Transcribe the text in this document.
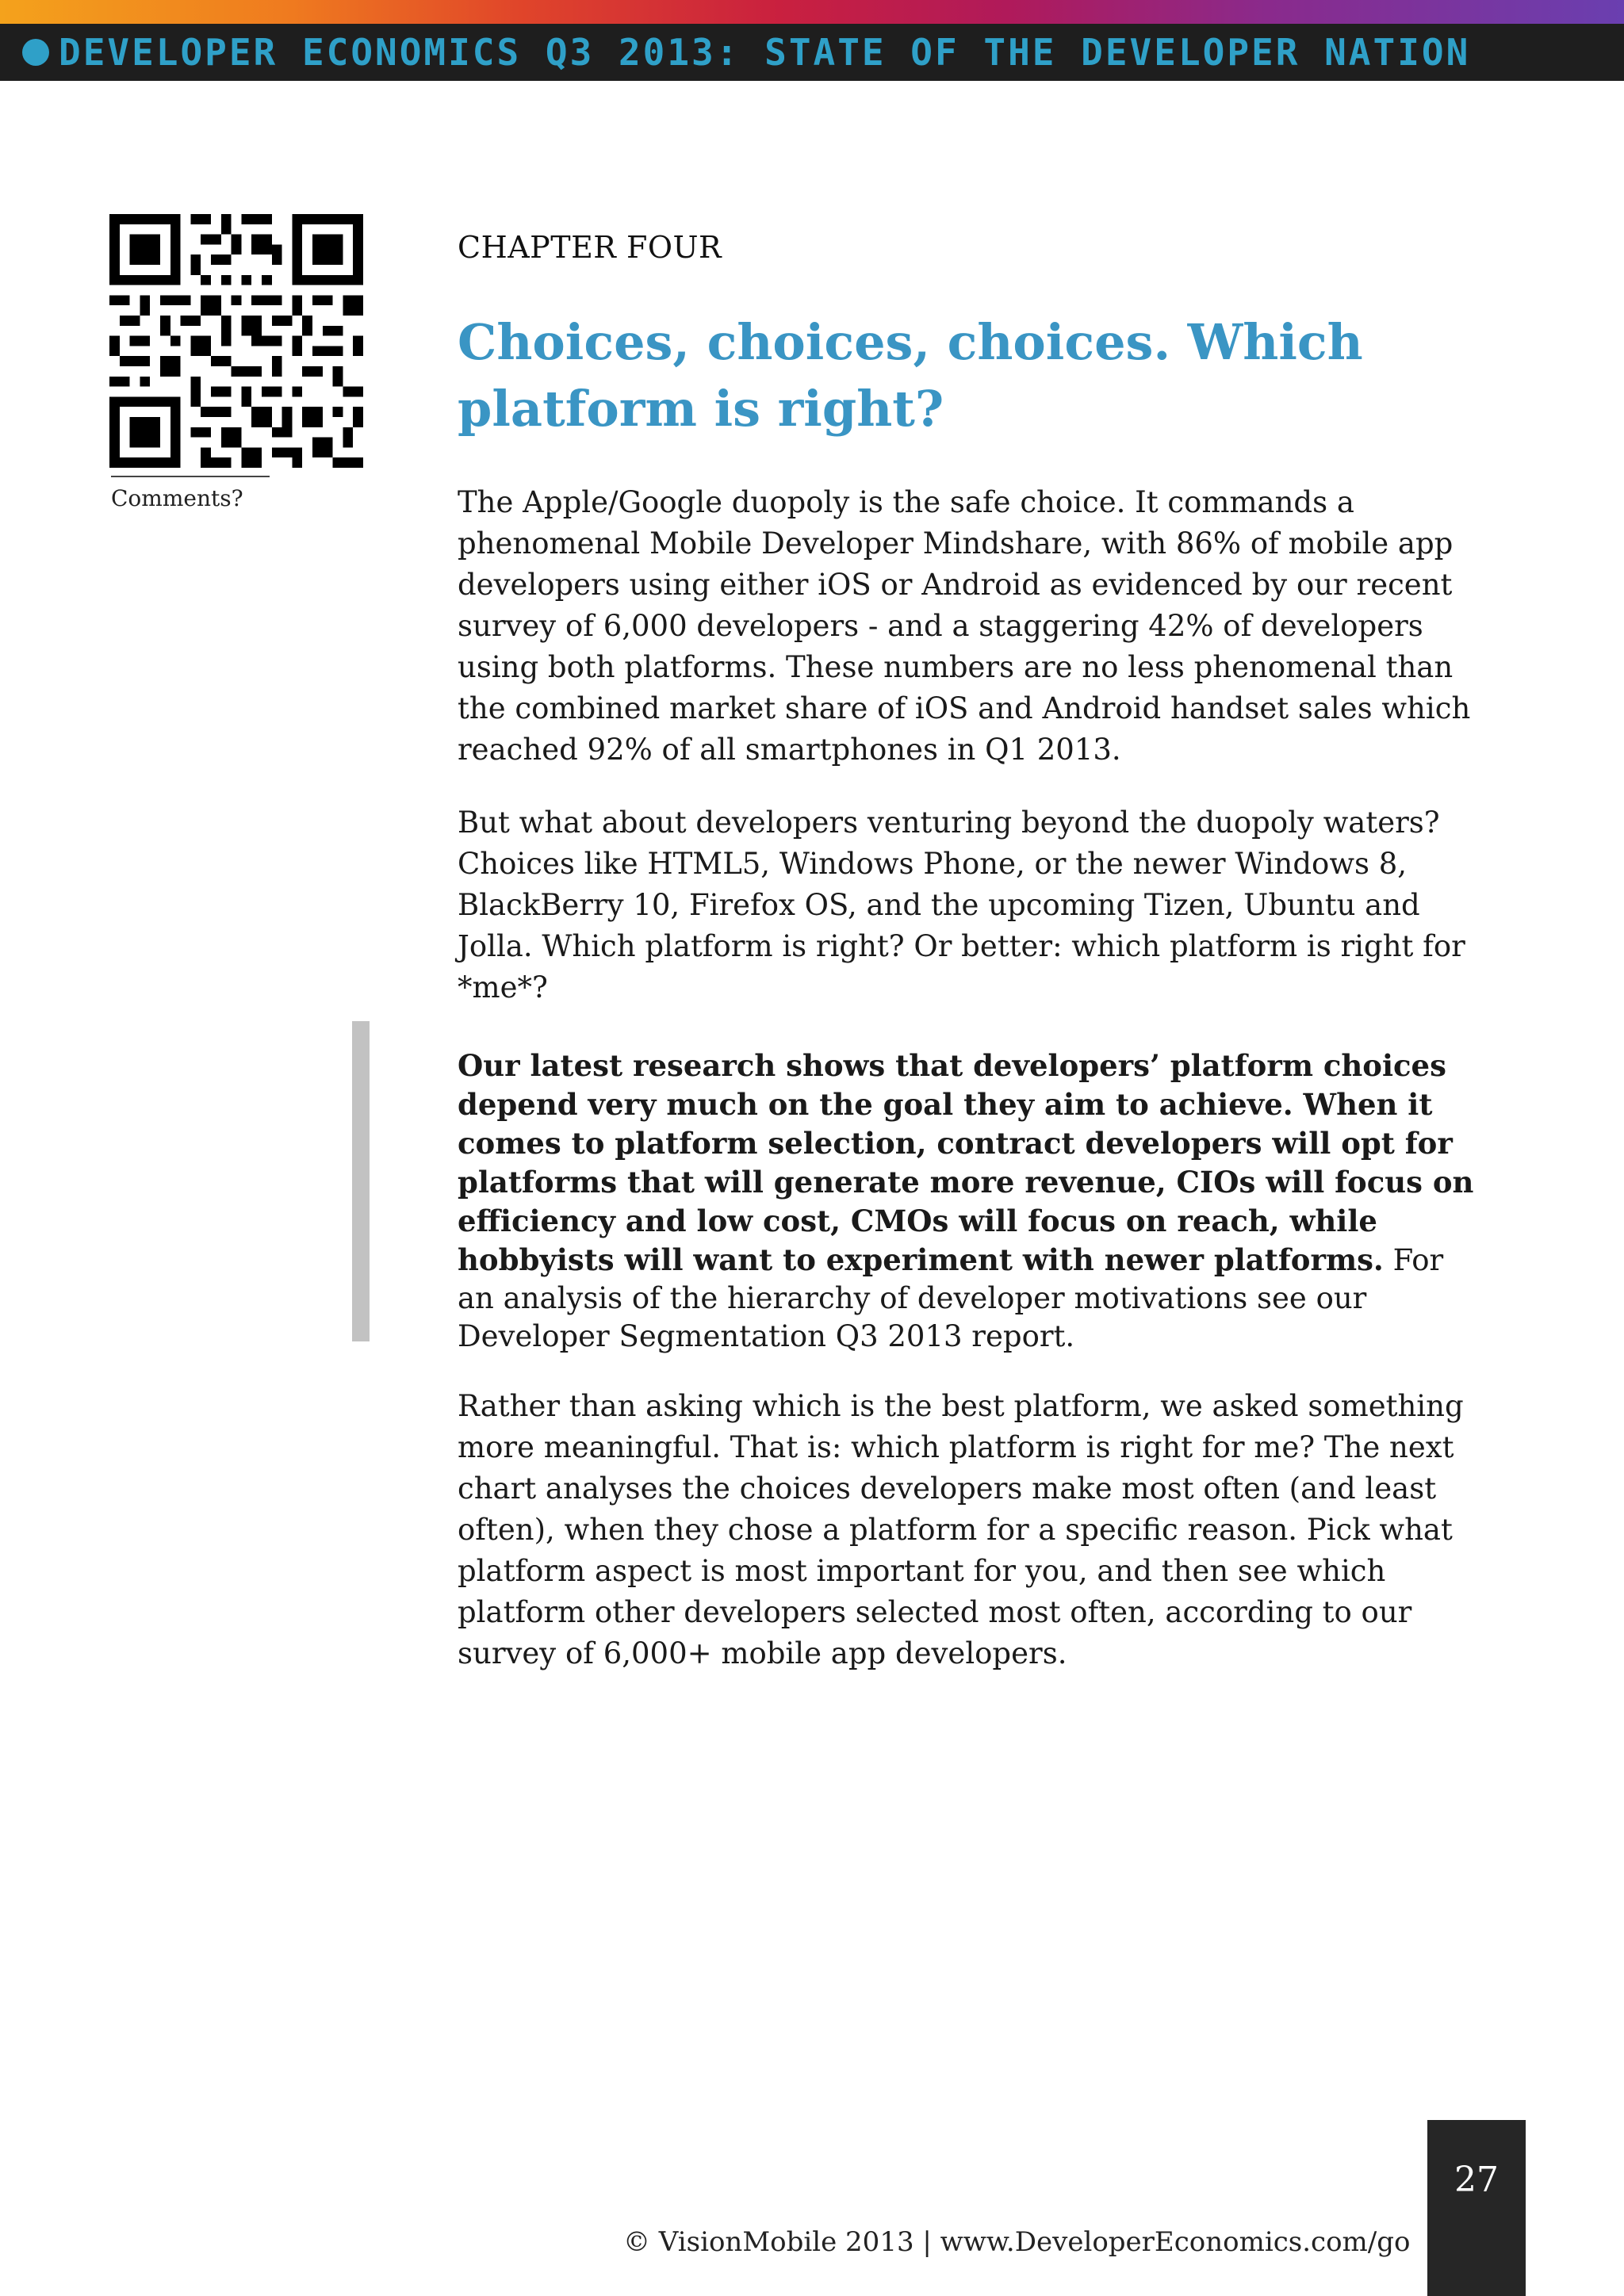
DEVELOPER ECONOMICS Q3 2013: STATE OF THE DEVELOPER NATION
Comments?

CHAPTER FOUR

Choices, choices, choices. Which platform is right?

The Apple/Google duopoly is the safe choice. It commands a phenomenal Mobile Developer Mindshare, with 86% of mobile app developers using either iOS or Android as evidenced by our recent survey of 6,000 developers - and a staggering 42% of developers using both platforms. These numbers are no less phenomenal than the combined market share of iOS and Android handset sales which reached 92% of all smartphones in Q1 2013.

But what about developers venturing beyond the duopoly waters? Choices like HTML5, Windows Phone, or the newer Windows 8, BlackBerry 10, Firefox OS, and the upcoming Tizen, Ubuntu and Jolla. Which platform is right? Or better: which platform is right for *me*?

Our latest research shows that developers’ platform choices depend very much on the goal they aim to achieve. When it comes to platform selection, contract developers will opt for platforms that will generate more revenue, CIOs will focus on efficiency and low cost, CMOs will focus on reach, while hobbyists will want to experiment with newer platforms. For an analysis of the hierarchy of developer motivations see our Developer Segmentation Q3 2013 report.

Rather than asking which is the best platform, we asked something more meaningful. That is: which platform is right for me? The next chart analyses the choices developers make most often (and least often), when they chose a platform for a specific reason. Pick what platform aspect is most important for you, and then see which platform other developers selected most often, according to our survey of 6,000+ mobile app developers.

27
© VisionMobile 2013 | www.DeveloperEconomics.com/go
